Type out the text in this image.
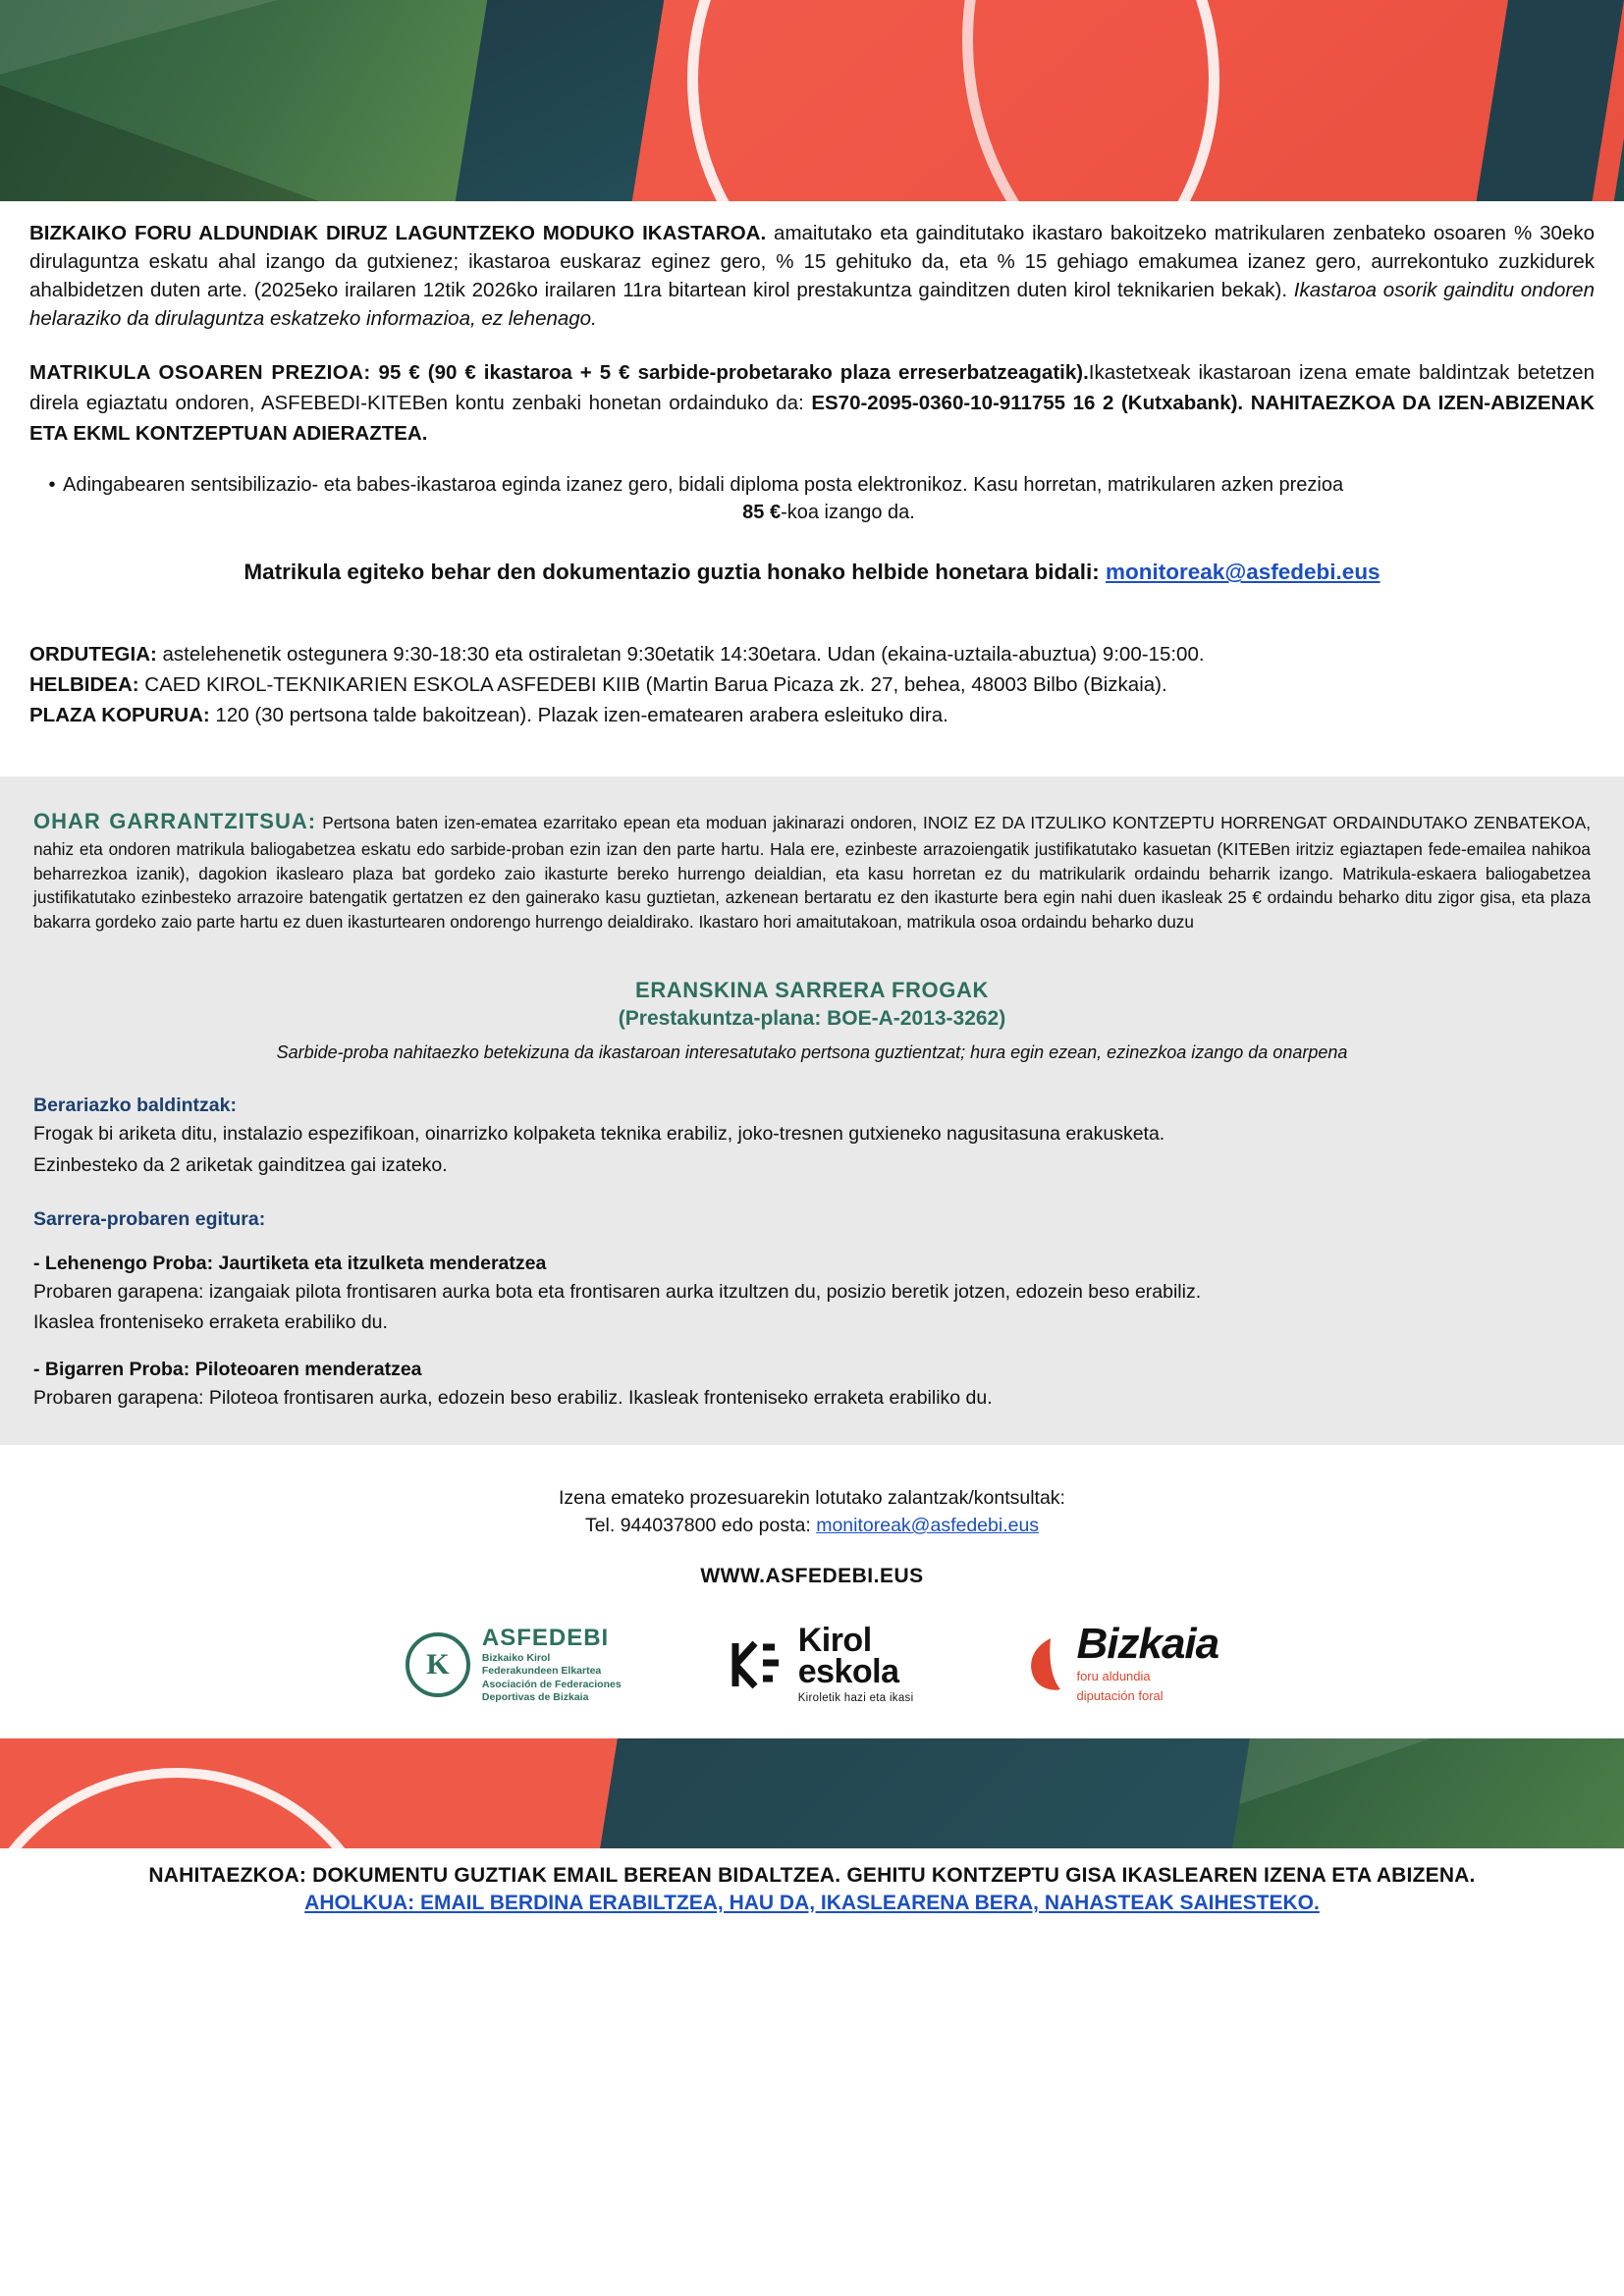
BIZKAIKO FORU ALDUNDIAK DIRUZ LAGUNTZEKO MODUKO IKASTAROA. amaitutako eta gainditutako ikastaro bakoitzeko matrikularen zenbateko osoaren % 30eko dirulaguntza eskatu ahal izango da gutxienez; ikastaroa euskaraz eginez gero, % 15 gehituko da, eta % 15 gehiago emakumea izanez gero, aurrekontuko zuzkidurek ahalbidetzen duten arte. (2025eko irailaren 12tik 2026ko irailaren 11ra bitartean kirol prestakuntza gainditzen duten kirol teknikarien bekak). Ikastaroa osorik gainditu ondoren helaraziko da dirulaguntza eskatzeko informazioa, ez lehenago.

MATRIKULA OSOAREN PREZIOA: 95 € (90 € ikastaroa + 5 € sarbide-probetarako plaza erreserbatzeagatik).Ikastetxeak ikastaroan izena emate baldintzak betetzen direla egiaztatu ondoren, ASFEBEDI-KITEBen kontu zenbaki honetan ordainduko da: ES70-2095-0360-10-911755 16 2 (Kutxabank). NAHITAEZKOA DA IZEN-ABIZENAK ETA EKML KONTZEPTUAN ADIERAZTEA.

• Adingabearen sentsibilizazio- eta babes-ikastaroa eginda izanez gero, bidali diploma posta elektronikoz. Kasu horretan, matrikularen azken prezioa
85 €-koa izango da.

Matrikula egiteko behar den dokumentazio guztia honako helbide honetara bidali: monitoreak@asfedebi.eus

ORDUTEGIA: astelehenetik ostegunera 9:30-18:30 eta ostiraletan 9:30etatik 14:30etara. Udan (ekaina-uztaila-abuztua) 9:00-15:00.

HELBIDEA: CAED KIROL-TEKNIKARIEN ESKOLA ASFEDEBI KIIB (Martin Barua Picaza zk. 27, behea, 48003 Bilbo (Bizkaia).

PLAZA KOPURUA: 120 (30 pertsona talde bakoitzean). Plazak izen-ematearen arabera esleituko dira.

OHAR GARRANTZITSUA: Pertsona baten izen-ematea ezarritako epean eta moduan jakinarazi ondoren, INOIZ EZ DA ITZULIKO KONTZEPTU HORRENGAT ORDAINDUTAKO ZENBATEKOA, nahiz eta ondoren matrikula baliogabetzea eskatu edo sarbide-proban ezin izan den parte hartu. Hala ere, ezinbeste arrazoiengatik justifikatutako kasuetan (KITEBen iritziz egiaztapen fede-emailea nahikoa beharrezkoa izanik), dagokion ikaslearo plaza bat gordeko zaio ikasturte bereko hurrengo deialdian, eta kasu horretan ez du matrikularik ordaindu beharrik izango. Matrikula-eskaera baliogabetzea justifikatutako ezinbesteko arrazoire batengatik gertatzen ez den gainerako kasu guztietan, azkenean bertaratu ez den ikasturte bera egin nahi duen ikasleak 25 € ordaindu beharko ditu zigor gisa, eta plaza bakarra gordeko zaio parte hartu ez duen ikasturtearen ondorengo hurrengo deialdirako. Ikastaro hori amaitutakoan, matrikula osoa ordaindu beharko duzu

ERANSKINA SARRERA FROGAK
(Prestakuntza-plana: BOE-A-2013-3262)
Sarbide-proba nahitaezko betekizuna da ikastaroan interesatutako pertsona guztientzat; hura egin ezean, ezinezkoa izango da onarpena
Berariazko baldintzak:
Frogak bi ariketa ditu, instalazio espezifikoan, oinarrizko kolpaketa teknika erabiliz, joko-tresnen gutxieneko nagusitasuna erakusketa.
Ezinbesteko da 2 ariketak gainditzea gai izateko.
Sarrera-probaren egitura:
- Lehenengo Proba: Jaurtiketa eta itzulketa menderatzea
Probaren garapena: izangaiak pilota frontisaren aurka bota eta frontisaren aurka itzultzen du, posizio beretik jotzen, edozein beso erabiliz.
Ikaslea fronteniseko erraketa erabiliko du.
- Bigarren Proba: Piloteoaren menderatzea
Probaren garapena: Piloteoa frontisaren aurka, edozein beso erabiliz. Ikasleak fronteniseko erraketa erabiliko du.
Izena emateko prozesuarekin lotutako zalantzak/kontsultak:
Tel. 944037800 edo posta: monitoreak@asfedebi.eus
WWW.ASFEDEBI.EUS
K
ASFEDEBI
Bizkaiko Kirol
Federakundeen Elkartea
Asociación de Federaciones
Deportivas de Bizkaia
Kirol
eskola
Kiroletik hazi eta ikasi
Bizkaia
foru aldundia
diputación foral
NAHITAEZKOA: DOKUMENTU GUZTIAK EMAIL BEREAN BIDALTZEA. GEHITU KONTZEPTU GISA IKASLEAREN IZENA ETA ABIZENA.
AHOLKUA: EMAIL BERDINA ERABILTZEA, HAU DA, IKASLEARENA BERA, NAHASTEAK SAIHESTEKO.
